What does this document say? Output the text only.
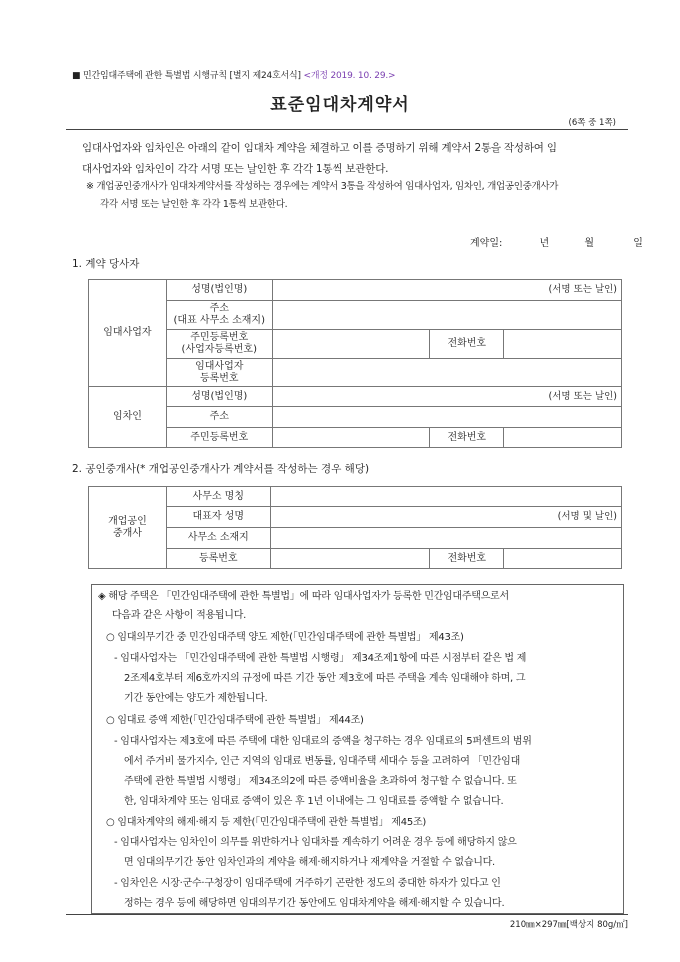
■ 민간임대주택에 관한 특별법 시행규칙 [별지 제24호서식] <개정 2019. 10. 29.>
표준임대차계약서
(6쪽 중 1쪽)
임대사업자와 임차인은 아래의 같이 임대차 계약을 체결하고 이를 증명하기 위해 계약서 2통을 작성하여 임
대사업자와 임차인이 각각 서명 또는 날인한 후 각각 1통씩 보관한다.
※ 개업공인중개사가 임대차계약서를 작성하는 경우에는 계약서 3통을 작성하여 임대사업자, 임차인, 개업공인중개사가
각각 서명 또는 날인한 후 각각 1통씩 보관한다.
계약일:	년	월	일
1. 계약 당사자
임대사업자	성명(법인명)	(서명 또는 날인)		

	주소
(대표 사무소 소재지)			

	주민등록번호
(사업자등록번호)		전화번호	

	임대사업자
등록번호			

임차인	성명(법인명)	(서명 또는 날인)		
	주소			
	주민등록번호		전화번호	
2. 공인중개사(* 개업공인중개사가 계약서를 작성하는 경우 해당)
개업공인
중개사	사무소 명칭			
	대표자 성명	(서명 및 날인)		
	사무소 소재지			
	등록번호		전화번호	

◈ 해당 주택은 「민간임대주택에 관한 특별법」에 따라 임대사업자가 등록한 민간임대주택으로서

다음과 같은 사항이 적용됩니다.

○ 임대의무기간 중 민간임대주택 양도 제한(「민간임대주택에 관한 특별법」 제43조)

- 임대사업자는 「민간임대주택에 관한 특별법 시행령」 제34조제1항에 따른 시점부터 같은 법 제

2조제4호부터 제6호까지의 규정에 따른 기간 동안 제3호에 따른 주택을 계속 임대해야 하며, 그

기간 동안에는 양도가 제한됩니다.

○ 임대료 증액 제한(「민간임대주택에 관한 특별법」 제44조)

- 임대사업자는 제3호에 따른 주택에 대한 임대료의 증액을 청구하는 경우 임대료의 5퍼센트의 범위

에서 주거비 물가지수, 인근 지역의 임대료 변동률, 임대주택 세대수 등을 고려하여 「민간임대

주택에 관한 특별법 시행령」 제34조의2에 따른 증액비율을 초과하여 청구할 수 없습니다. 또

한, 임대차계약 또는 임대료 증액이 있은 후 1년 이내에는 그 임대료를 증액할 수 없습니다.

○ 임대차계약의 해제·해지 등 제한(「민간임대주택에 관한 특별법」 제45조)

- 임대사업자는 임차인이 의무를 위반하거나 임대차를 계속하기 어려운 경우 등에 해당하지 않으

면 임대의무기간 동안 임차인과의 계약을 해제·해지하거나 재계약을 거절할 수 없습니다.

- 임차인은 시장·군수·구청장이 임대주택에 거주하기 곤란한 정도의 중대한 하자가 있다고 인

정하는 경우 등에 해당하면 임대의무기간 동안에도 임대차계약을 해제·해지할 수 있습니다.

210㎜×297㎜[백상지 80g/㎡]
